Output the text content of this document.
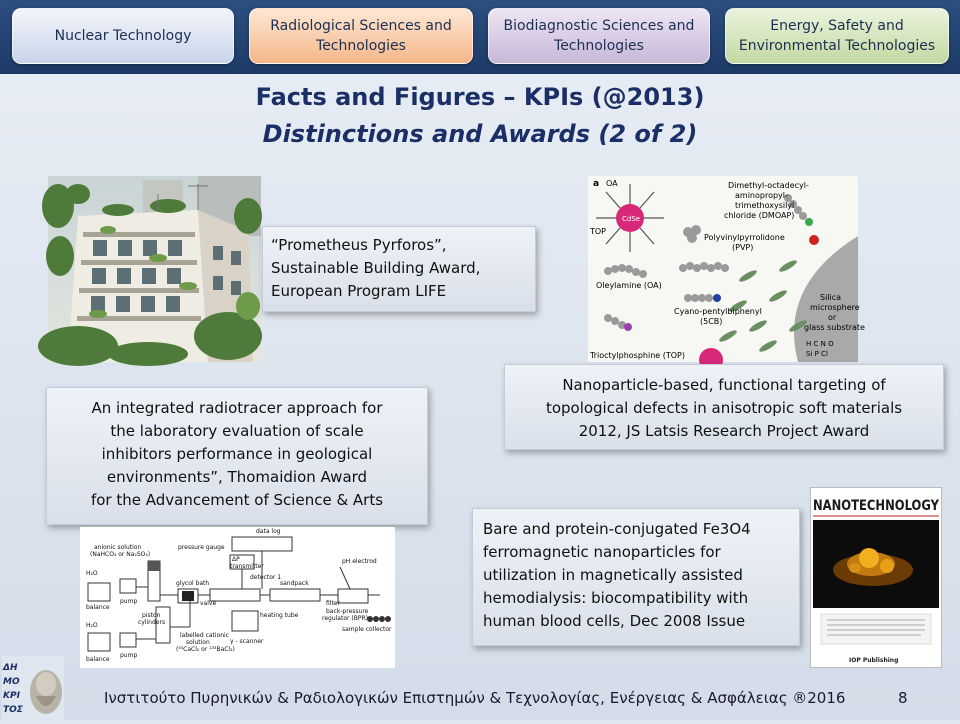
Nuclear Technology
Radiological Sciences and
Technologies
Biodiagnostic Sciences and
Technologies
Energy, Safety and
Environmental Technologies
Facts and Figures – KPIs (@2013)
Distinctions and Awards (2 of 2)
“Prometheus Pyrforos”,
Sustainable Building Award,
European Program LIFE
a OA
TOP
CdSe
Dimethyl-octadecyl-
aminopropyl-
trimethoxysilyl
chloride (DMOAP)
Polyvinylpyrrolidone
(PVP)
Oleylamine (OA)
Cyano-pentylbiphenyl
(5CB)
Trioctylphosphine (TOP)
Silica
microsphere
or
glass substrate
H C N O
Si P Cl
Nanoparticle-based, functional targeting of
topological defects in anisotropic soft materials
2012, JS Latsis Research Project Award
An integrated radiotracer approach for
the laboratory evaluation of scale
inhibitors performance in geological
environments”, Thomaidion Award
for the Advancement of Science & Arts
data log
pressure gauge
ΔP
transmitter
anionic solution
(NaHCO₃ or Na₂SO₄)
glycol bath
detector 1
sandpack
pH electrod
back-pressure
regulator (BPR)
piston
cylinders
labelled cationic
solution
(⁴⁵CaCl₂ or ¹³³BaCl₂)
heating tube
filter
sample collector
γ - scanner
valve
H₂O
balance
pump
H₂O
balance
pump
Bare and protein-conjugated Fe3O4
ferromagnetic nanoparticles for
utilization in magnetically assisted
hemodialysis: biocompatibility with
human blood cells, Dec 2008 Issue
NANOTECHNOLOGY
IOP Publishing
ΔΗ
ΜΟ
ΚΡΙ
ΤΟΣ
Ινστιτούτο Πυρηνικών & Ραδιολογικών Επιστημών & Τεχνολογίας, Ενέργειας & Ασφάλειας ®2016	8
